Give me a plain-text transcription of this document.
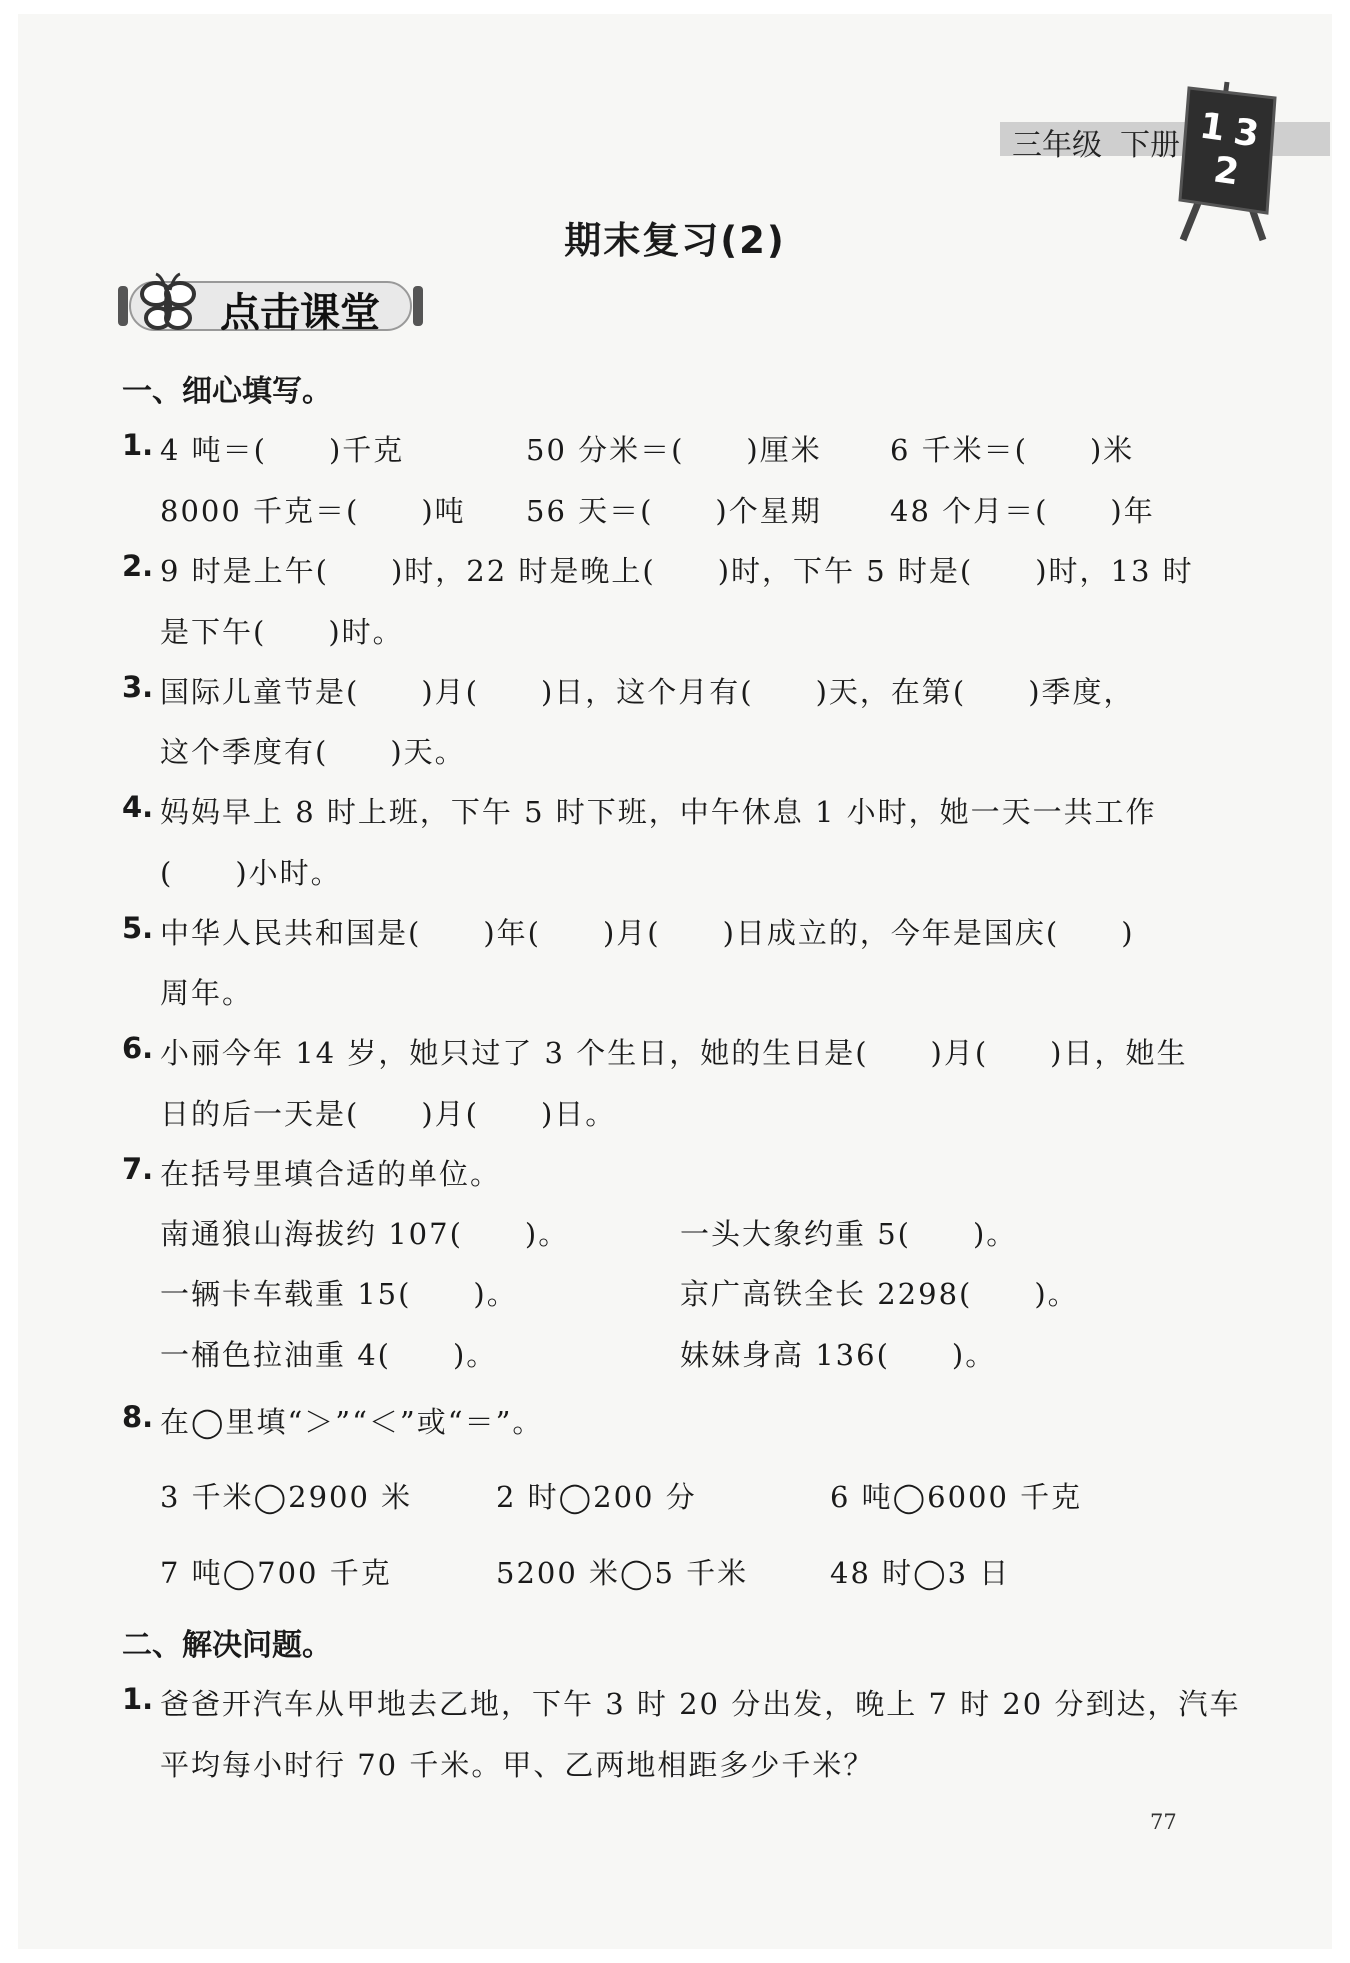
三年级 下册 1 3
2
期末复习(2)
点击课堂
一、细心填写。
1. 4 吨＝(　　)千克	50 分米＝(　　)厘米 6 千米＝(　　)米
8000 千克＝(　　)吨 56 天＝(　　)个星期 48 个月＝(　　)年
2. 9 时是上午(　　)时，22 时是晚上(　　)时，下午 5 时是(　　)时，13 时
是下午(　　)时。
3. 国际儿童节是(　　)月(　　)日，这个月有(　　)天，在第(　　)季度，
这个季度有(　　)天。
4. 妈妈早上 8 时上班，下午 5 时下班，中午休息 1 小时，她一天一共工作
(　　)小时。
5. 中华人民共和国是(　　)年(　　)月(　　)日成立的，今年是国庆(　　)
周年。
6. 小丽今年 14 岁，她只过了 3 个生日，她的生日是(　　)月(　　)日，她生
日的后一天是(　　)月(　　)日。
7. 在括号里填合适的单位。
南通狼山海拔约 107(　　)。	一头大象约重 5(　　)。
一辆卡车载重 15(　　)。	京广高铁全长 2298(　　)。
一桶色拉油重 4(　　)。	妹妹身高 136(　　)。
8. 在◯里填“＞”“＜”或“＝”。
3 千米◯2900 米	2 时◯200 分	6 吨◯6000 千克
7 吨◯700 千克	5200 米◯5 千米	48 时◯3 日
二、解决问题。
1. 爸爸开汽车从甲地去乙地，下午 3 时 20 分出发，晚上 7 时 20 分到达，汽车
平均每小时行 70 千米。甲、乙两地相距多少千米？
77
